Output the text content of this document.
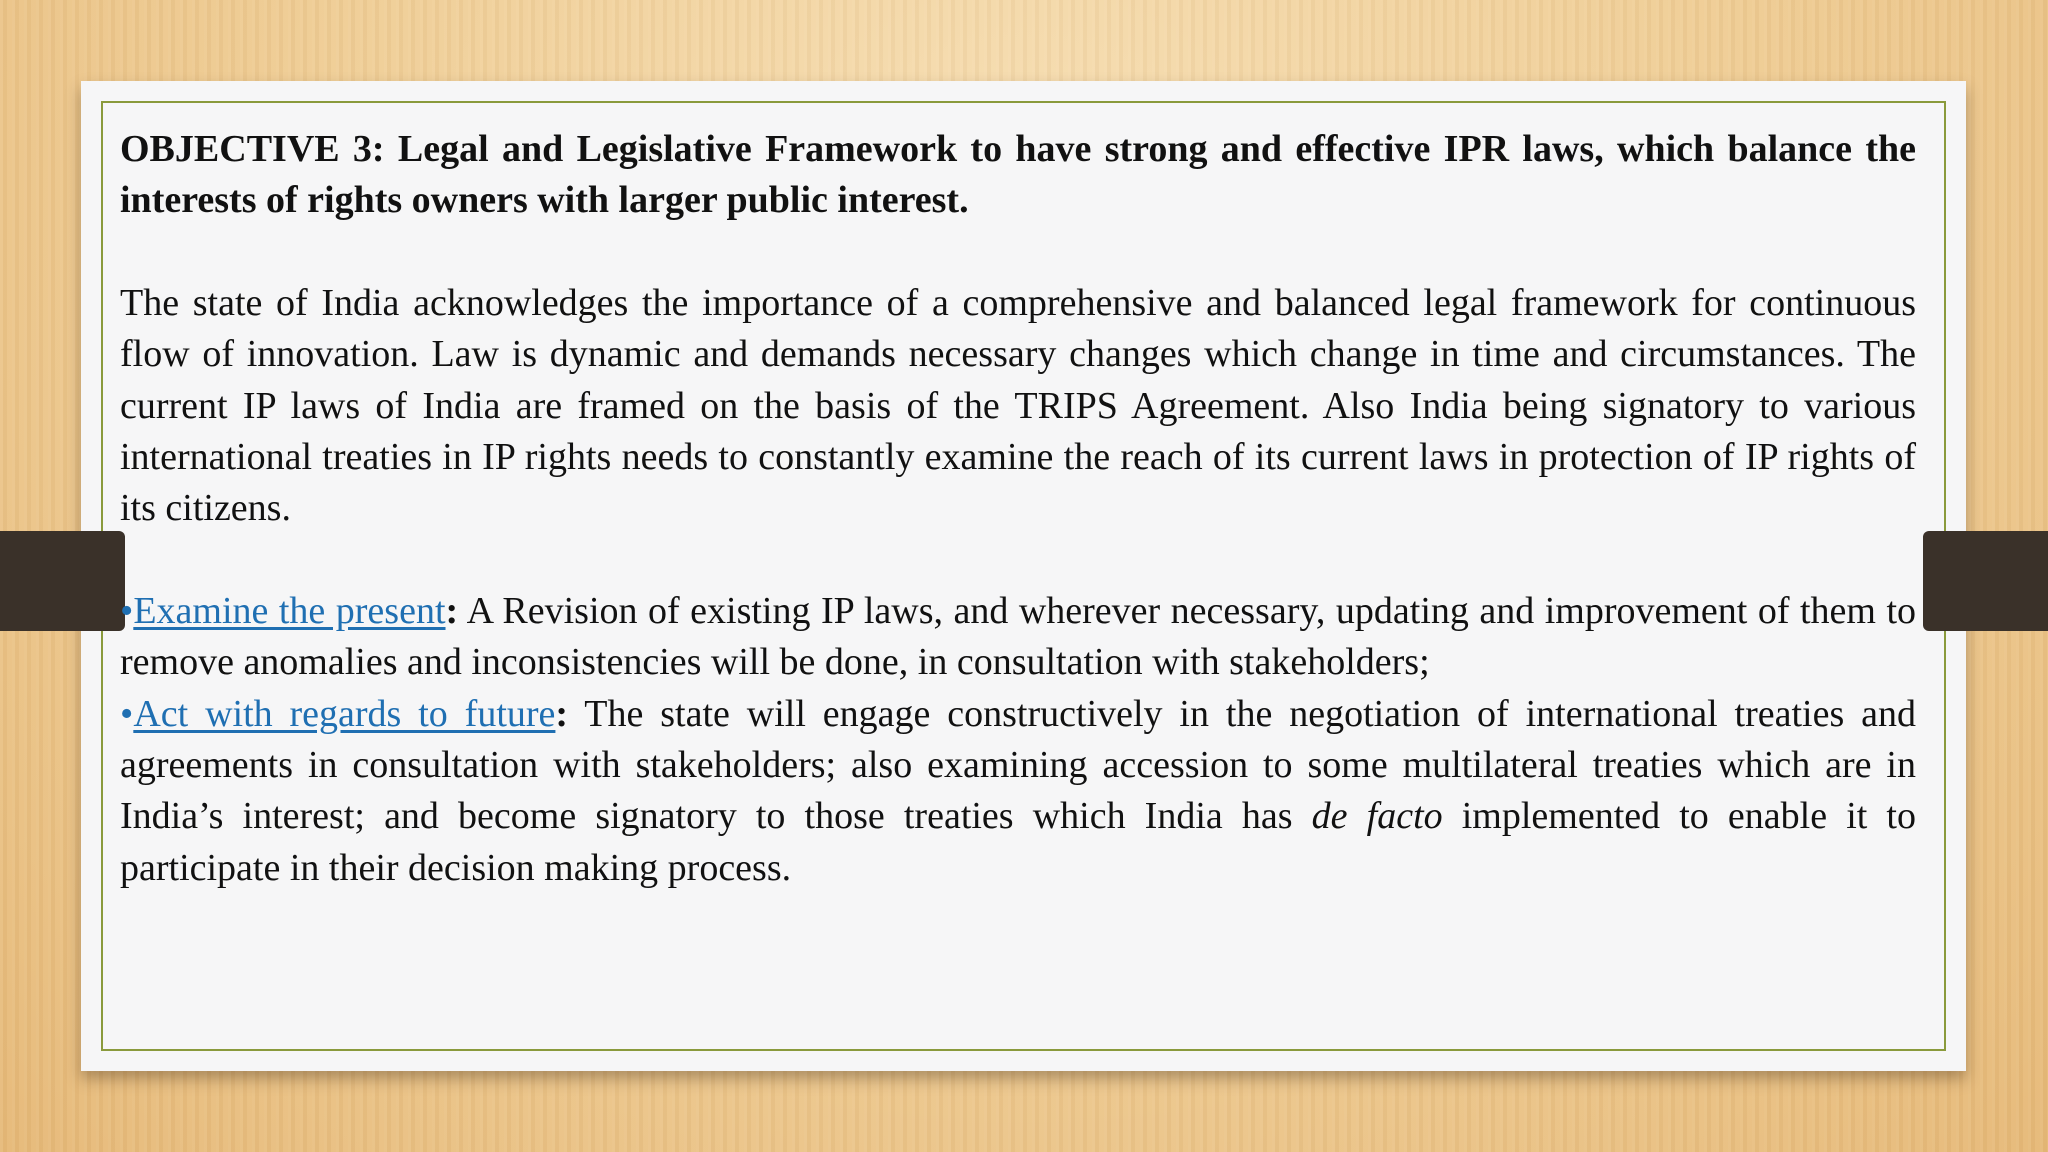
OBJECTIVE 3: Legal and Legislative Framework to have strong and effective IPR laws, which balance the interests of rights owners with larger public interest.

The state of India acknowledges the importance of a comprehensive and balanced legal framework for continuous flow of innovation. Law is dynamic and demands necessary changes which change in time and circumstances. The current IP laws of India are framed on the basis of the TRIPS Agreement. Also India being signatory to various international treaties in IP rights needs to constantly examine the reach of its current laws in protection of IP rights of its citizens.

•Examine the present: A Revision of existing IP laws, and wherever necessary, updating and improvement of them to remove anomalies and inconsistencies will be done, in consultation with stakeholders;

•Act with regards to future: The state will engage constructively in the negotiation of international treaties and agreements in consultation with stakeholders; also examining accession to some multilateral treaties which are in India’s interest; and become signatory to those treaties which India has de facto implemented to enable it to participate in their decision making process.
